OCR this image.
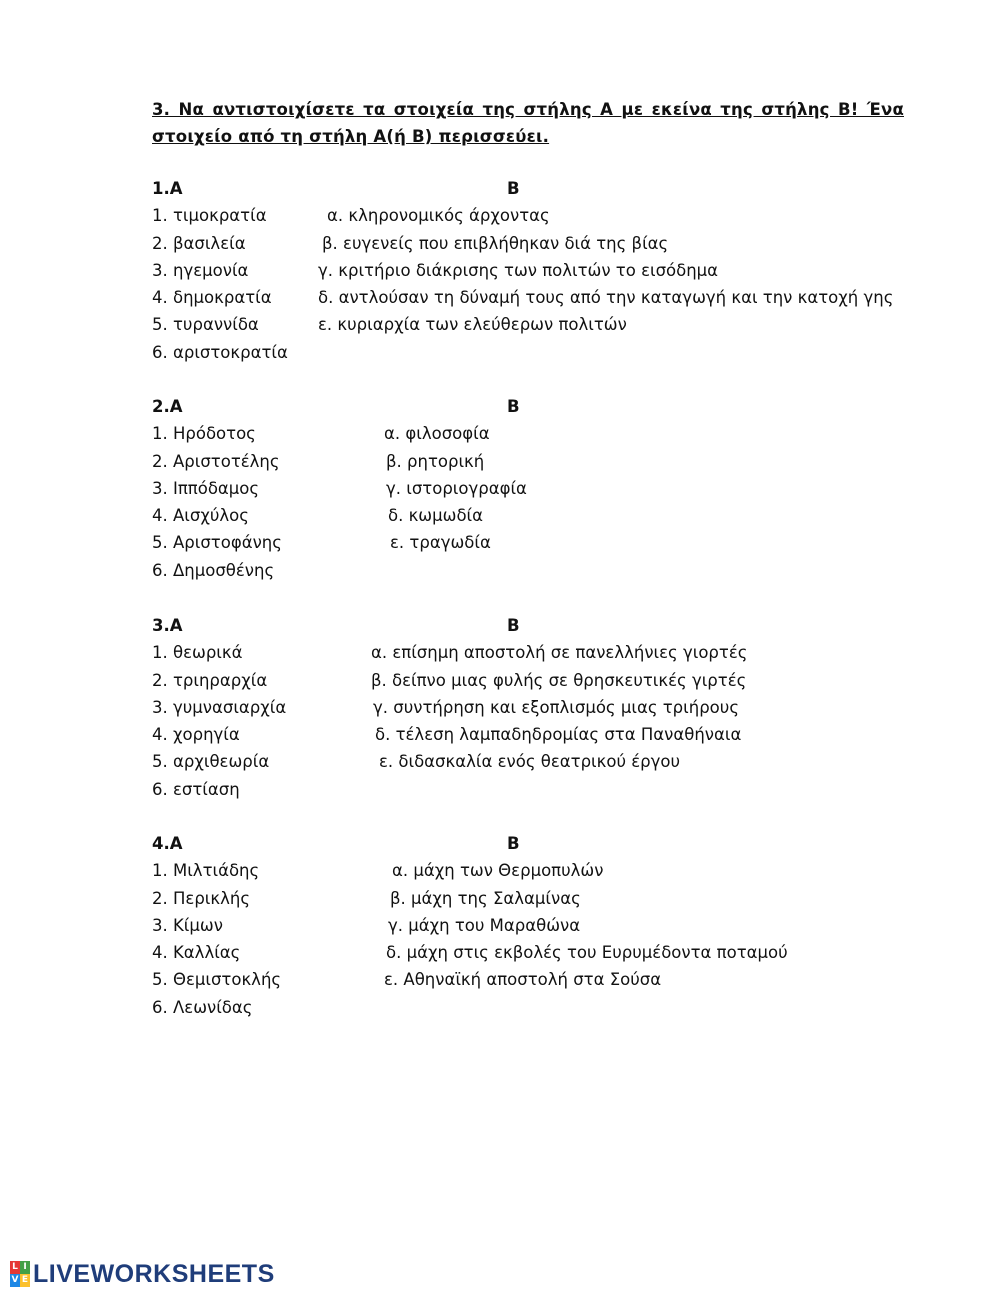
3. Να αντιστοιχίσετε τα στοιχεία της στήλης Α με εκείνα της στήλης Β! Ένα στοιχείο από τη στήλη Α(ή Β) περισσεύει.
1.Α	Β
1. τιμοκρατία	α. κληρονομικός άρχοντας
2. βασιλεία	β. ευγενείς που επιβλήθηκαν διά της βίας
3. ηγεμονία	γ. κριτήριο διάκρισης των πολιτών το εισόδημα
4. δημοκρατία	δ. αντλούσαν τη δύναμή τους από την καταγωγή και την κατοχή γης
5. τυραννίδα	ε. κυριαρχία των ελεύθερων πολιτών
6. αριστοκρατία
2.Α	Β
1. Ηρόδοτος	α. φιλοσοφία
2. Αριστοτέλης	β. ρητορική
3. Ιππόδαμος	γ. ιστοριογραφία
4. Αισχύλος	δ. κωμωδία
5. Αριστοφάνης	ε. τραγωδία
6. Δημοσθένης
3.Α	Β
1. θεωρικά	α. επίσημη αποστολή σε πανελλήνιες γιορτές
2. τριηραρχία	β. δείπνο μιας φυλής σε θρησκευτικές γιρτές
3. γυμνασιαρχία	γ. συντήρηση και εξοπλισμός μιας τριήρους
4. χορηγία	δ. τέλεση λαμπαδηδρομίας στα Παναθήναια
5. αρχιθεωρία	ε. διδασκαλία ενός θεατρικού έργου
6. εστίαση
4.Α	Β
1. Μιλτιάδης	α. μάχη των Θερμοπυλών
2. Περικλής	β. μάχη της Σαλαμίνας
3. Κίμων	γ. μάχη του Μαραθώνα
4. Καλλίας	δ. μάχη στις εκβολές του Ευρυμέδοντα ποταμού
5. Θεμιστοκλής	ε. Αθηναϊκή αποστολή στα Σούσα
6. Λεωνίδας
L I
V E LIVEWORKSHEETS
